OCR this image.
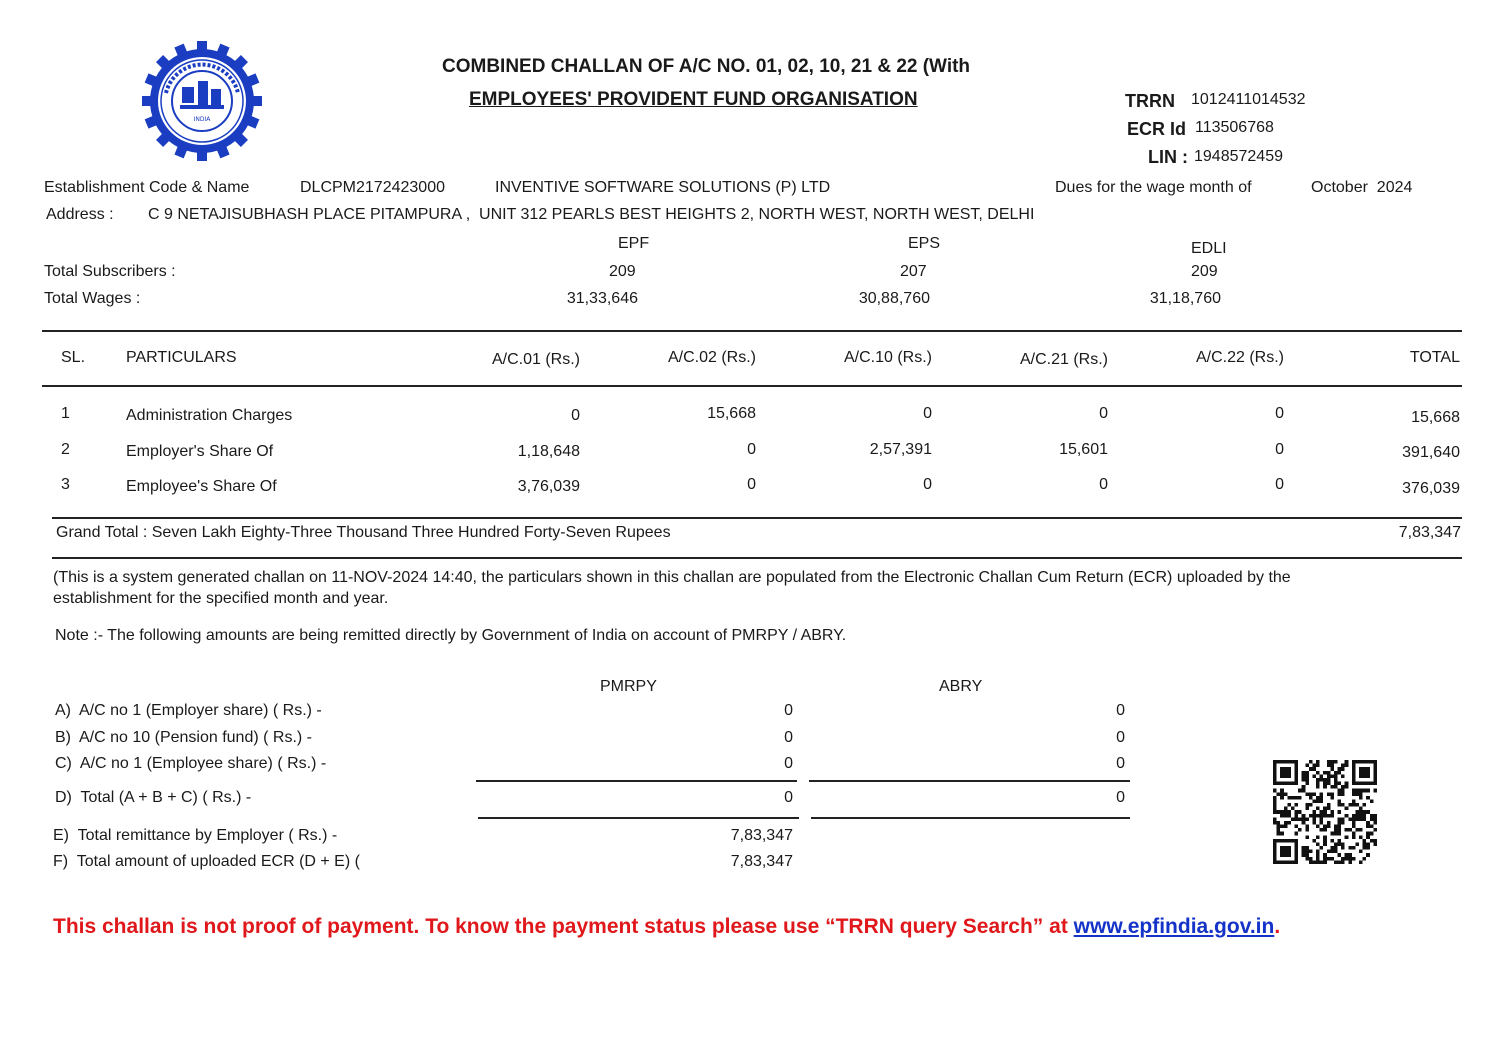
INDIA
COMBINED CHALLAN OF A/C NO. 01, 02, 10, 21 & 22 (With
EMPLOYEES' PROVIDENT FUND ORGANISATION	TRRN 1012411014532
ECR Id 113506768
LIN : 1948572459
Establishment Code & Name	DLCPM2172423000	INVENTIVE SOFTWARE SOLUTIONS (P) LTD	Dues for the wage month of	October  2024
Address : C 9 NETAJISUBHASH PLACE PITAMPURA ,  UNIT 312 PEARLS BEST HEIGHTS 2, NORTH WEST, NORTH WEST, DELHI
EPF	EPS	EDLI
Total Subscribers :	209	207	209
Total Wages :	31,33,646	30,88,760	31,18,760
SL.	PARTICULARS	A/C.01 (Rs.)	A/C.02 (Rs.)	A/C.10 (Rs.)	A/C.21 (Rs.)	A/C.22 (Rs.)	TOTAL
1	Administration Charges	0	15,668	0	0	0	15,668
2	Employer's Share Of	1,18,648	0	2,57,391	15,601	0	391,640
3	Employee's Share Of	3,76,039	0	0	0	0	376,039
Grand Total : Seven Lakh Eighty-Three Thousand Three Hundred Forty-Seven Rupees	7,83,347
(This is a system generated challan on 11-NOV-2024 14:40, the particulars shown in this challan are populated from the Electronic Challan Cum Return (ECR) uploaded by the
establishment for the specified month and year.
Note :- The following amounts are being remitted directly by Government of India on account of PMRPY / ABRY.
PMRPY	ABRY
A)  A/C no 1 (Employer share) ( Rs.) -	0	0
B)  A/C no 10 (Pension fund) ( Rs.) -	0	0
C)  A/C no 1 (Employee share) ( Rs.) -	0	0
D)  Total (A + B + C) ( Rs.) -	0	0
E)  Total remittance by Employer ( Rs.) -	7,83,347
F)  Total amount of uploaded ECR (D + E) (	7,83,347
This challan is not proof of payment. To know the payment status please use “TRRN query Search” at www.epfindia.gov.in.
